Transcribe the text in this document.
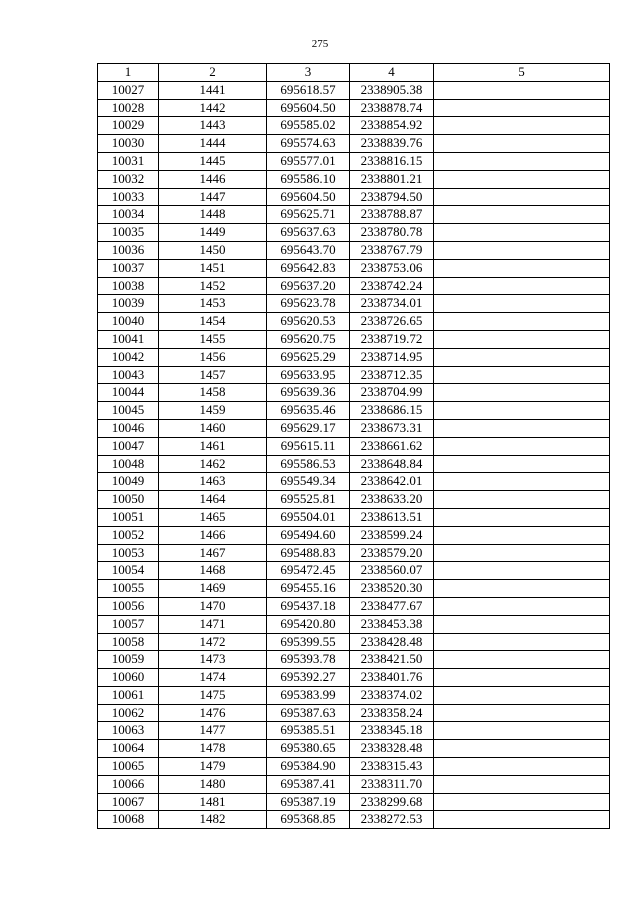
275
1	2	3	4	5
10027	1441	695618.57	2338905.38	
10028	1442	695604.50	2338878.74	
10029	1443	695585.02	2338854.92	
10030	1444	695574.63	2338839.76	
10031	1445	695577.01	2338816.15	
10032	1446	695586.10	2338801.21	
10033	1447	695604.50	2338794.50	
10034	1448	695625.71	2338788.87	
10035	1449	695637.63	2338780.78	
10036	1450	695643.70	2338767.79	
10037	1451	695642.83	2338753.06	
10038	1452	695637.20	2338742.24	
10039	1453	695623.78	2338734.01	
10040	1454	695620.53	2338726.65	
10041	1455	695620.75	2338719.72	
10042	1456	695625.29	2338714.95	
10043	1457	695633.95	2338712.35	
10044	1458	695639.36	2338704.99	
10045	1459	695635.46	2338686.15	
10046	1460	695629.17	2338673.31	
10047	1461	695615.11	2338661.62	
10048	1462	695586.53	2338648.84	
10049	1463	695549.34	2338642.01	
10050	1464	695525.81	2338633.20	
10051	1465	695504.01	2338613.51	
10052	1466	695494.60	2338599.24	
10053	1467	695488.83	2338579.20	
10054	1468	695472.45	2338560.07	
10055	1469	695455.16	2338520.30	
10056	1470	695437.18	2338477.67	
10057	1471	695420.80	2338453.38	
10058	1472	695399.55	2338428.48	
10059	1473	695393.78	2338421.50	
10060	1474	695392.27	2338401.76	
10061	1475	695383.99	2338374.02	
10062	1476	695387.63	2338358.24	
10063	1477	695385.51	2338345.18	
10064	1478	695380.65	2338328.48	
10065	1479	695384.90	2338315.43	
10066	1480	695387.41	2338311.70	
10067	1481	695387.19	2338299.68	
10068	1482	695368.85	2338272.53	
